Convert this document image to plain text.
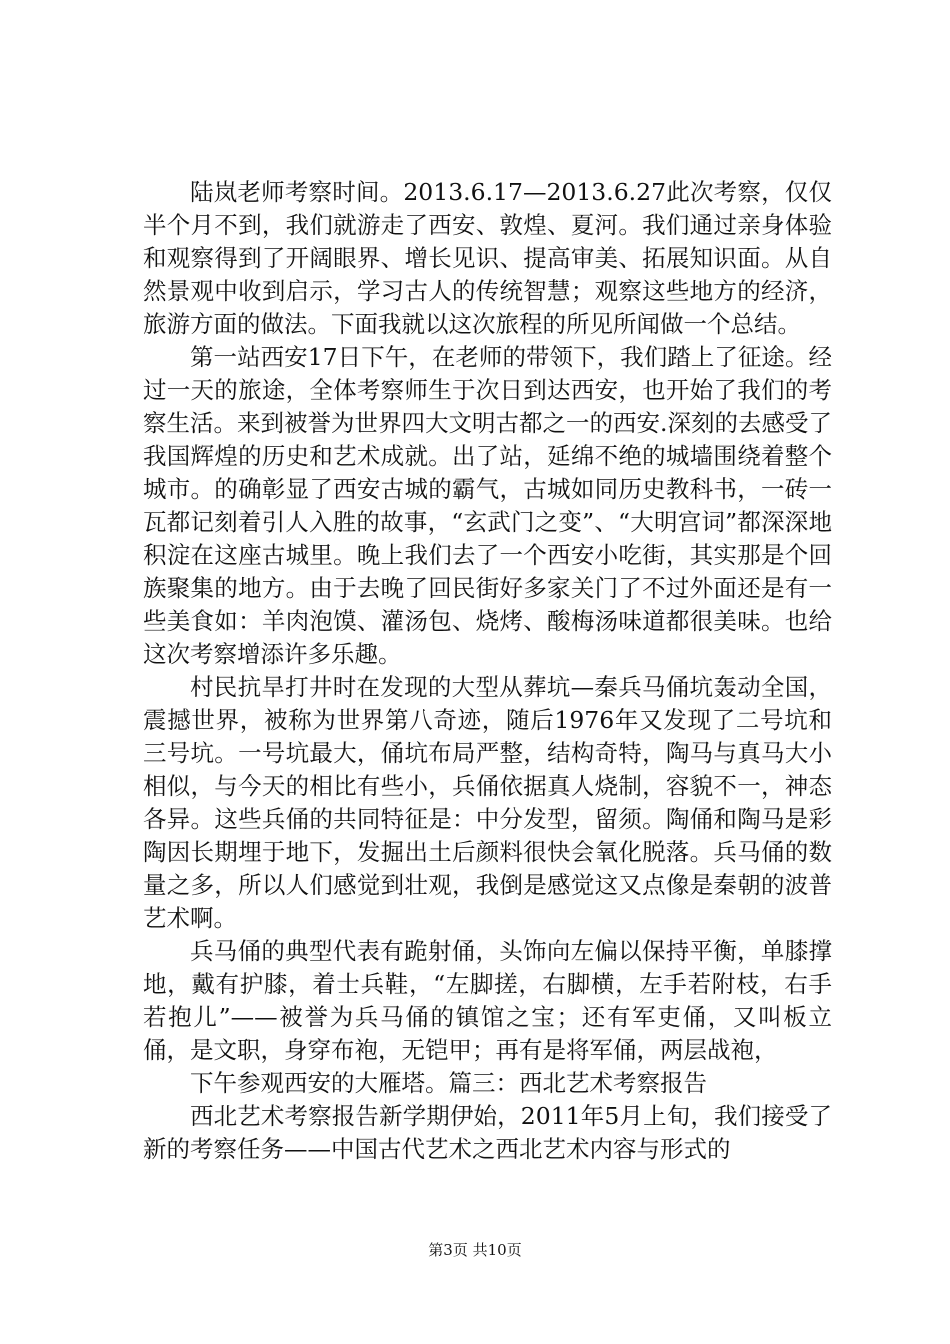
陆岚老师考察时间。2013.6.17—2013.6.27此次考察，仅仅半个月不到，我们就游走了西安、敦煌、夏河。我们通过亲身体验和观察得到了开阔眼界、增长见识、提高审美、拓展知识面。从自然景观中收到启示，学习古人的传统智慧；观察这些地方的经济，旅游方面的做法。下面我就以这次旅程的所见所闻做一个总结。

第一站西安17日下午，在老师的带领下，我们踏上了征途。经过一天的旅途，全体考察师生于次日到达西安，也开始了我们的考察生活。来到被誉为世界四大文明古都之一的西安.深刻的去感受了我国辉煌的历史和艺术成就。出了站，延绵不绝的城墙围绕着整个城市。的确彰显了西安古城的霸气，古城如同历史教科书，一砖一瓦都记刻着引人入胜的故事，“玄武门之变”、“大明宫词”都深深地积淀在这座古城里。晚上我们去了一个西安小吃街，其实那是个回族聚集的地方。由于去晚了回民街好多家关门了不过外面还是有一些美食如：羊肉泡馍、灌汤包、烧烤、酸梅汤味道都很美味。也给这次考察增添许多乐趣。

村民抗旱打井时在发现的大型从葬坑—秦兵马俑坑轰动全国，震撼世界，被称为世界第八奇迹，随后1976年又发现了二号坑和三号坑。一号坑最大，俑坑布局严整，结构奇特，陶马与真马大小相似，与今天的相比有些小，兵俑依据真人烧制，容貌不一，神态各异。这些兵俑的共同特征是：中分发型，留须。陶俑和陶马是彩陶因长期埋于地下，发掘出土后颜料很快会氧化脱落。兵马俑的数量之多，所以人们感觉到壮观，我倒是感觉这又点像是秦朝的波普艺术啊。

兵马俑的典型代表有跪射俑，头饰向左偏以保持平衡，单膝撑地，戴有护膝，着士兵鞋，“左脚搓，右脚横，左手若附枝，右手若抱儿”——被誉为兵马俑的镇馆之宝；还有军吏俑，又叫板立俑，是文职，身穿布袍，无铠甲；再有是将军俑，两层战袍，

下午参观西安的大雁塔。篇三：西北艺术考察报告

西北艺术考察报告新学期伊始，2011年5月上旬，我们接受了新的考察任务——中国古代艺术之西北艺术内容与形式的

第3页 共10页
